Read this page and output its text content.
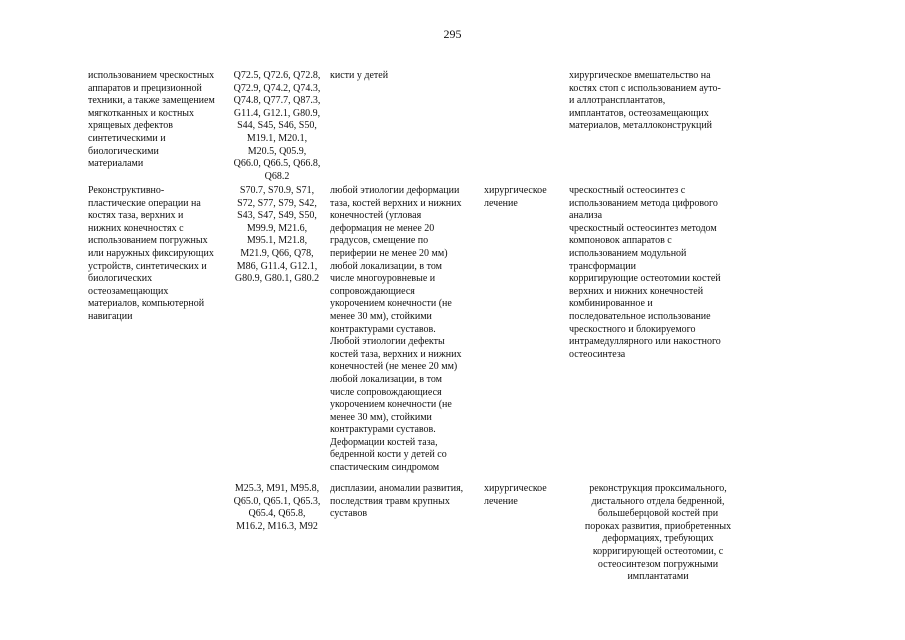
295
использованием чрескостных
аппаратов и прецизионной
техники, а также замещением
мягкотканных и костных
хрящевых дефектов
синтетическими и
биологическими
материалами
Q72.5, Q72.6, Q72.8,
Q72.9, Q74.2, Q74.3,
Q74.8, Q77.7, Q87.3,
G11.4, G12.1, G80.9,
S44, S45, S46, S50,
M19.1, M20.1,
M20.5, Q05.9,
Q66.0, Q66.5, Q66.8,
Q68.2
кисти у детей	хирургическое вмешательство на
костях стоп с использованием ауто-
и аллотрансплантатов,
имплантатов, остеозамещающих
материалов, металлоконструкций
Реконструктивно-
пластические операции на
костях таза, верхних и
нижних конечностях с
использованием погружных
или наружных фиксирующих
устройств, синтетических и
биологических
остеозамещающих
материалов, компьютерной
навигации
S70.7, S70.9, S71,
S72, S77, S79, S42,
S43, S47, S49, S50,
M99.9, M21.6,
M95.1, M21.8,
M21.9, Q66, Q78,
M86, G11.4, G12.1,
G80.9, G80.1, G80.2
любой этиологии деформации
таза, костей верхних и нижних
конечностей (угловая
деформация не менее 20
градусов, смещение по
периферии не менее 20 мм)
любой локализации, в том
числе многоуровневые и
сопровождающиеся
укорочением конечности (не
менее 30 мм), стойкими
контрактурами суставов.
Любой этиологии дефекты
костей таза, верхних и нижних
конечностей (не менее 20 мм)
любой локализации, в том
числе сопровождающиеся
укорочением конечности (не
менее 30 мм), стойкими
контрактурами суставов.
Деформации костей таза,
бедренной кости у детей со
спастическим синдромом
хирургическое
лечение
чрескостный остеосинтез с
использованием метода цифрового
анализа
чрескостный остеосинтез методом
компоновок аппаратов с
использованием модульной
трансформации
корригирующие остеотомии костей
верхних и нижних конечностей
комбинированное и
последовательное использование
чрескостного и блокируемого
интрамедуллярного или накостного
остеосинтеза
M25.3, M91, M95.8,
Q65.0, Q65.1, Q65.3,
Q65.4, Q65.8,
M16.2, M16.3, M92
дисплазии, аномалии развития,
последствия травм крупных
суставов
хирургическое
лечение
реконструкция проксимального,
дистального отдела бедренной,
большеберцовой костей при
пороках развития, приобретенных
деформациях, требующих
корригирующей остеотомии, с
остеосинтезом погружными
имплантатами
